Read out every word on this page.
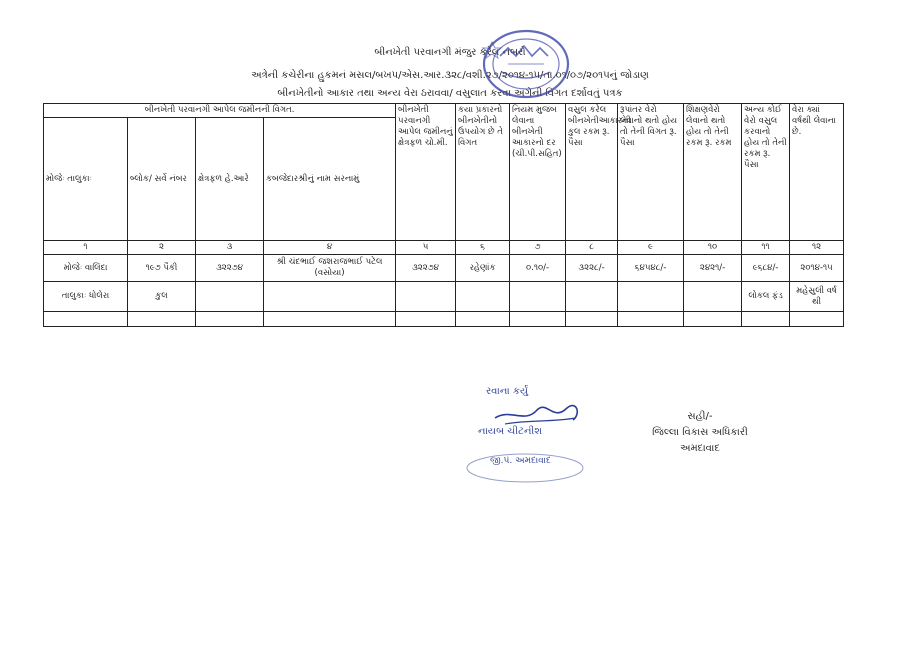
બીનખેતી પરવાનગી મંજુર કરેલ નંબરો
અત્રેની કચેરીના હુકમનં મસલ/બખપ/એસ.આર.૩૨૮/વશી.૨૭/૨૦૧૪-૧૫/તા.૦૧/૦૭/૨૦૧૫નું જોડાણ
બીનખેતીનો આકાર તથા અન્ય વેરા ઠરાવવા/ વસુલાત કરવા અંગેની વિગત દર્શાવતું પત્રક
બીનખેતી પરવાનગી આપેલ જમીનની વિગત.				બીનખેતી પરવાનગી આપેલ જમીનનું ક્ષેત્રફળ ચો.મી.	કયા પ્રકારનો બીનખેતીનો ઉપયોગ છે તે વિગત	નિયમ મુજબ લેવાના બીનખેતી આકારનો દર (ચી.પી.સહિત)	વસુલ કરેલ બીનખેતીઆકારની કુલ રકમ રૂ. પૈસા	રૂપાંતર વેરો લેવાનો થતો હોય તો તેની વિગત રૂ. પૈસા	શિક્ષણવેરો લેવાનો થતો હોય તો તેની રકમ રૂ. રકમ	અન્ય કોઈ વેરો વસુલ કરવાનો હોય તો તેની રકમ રૂ. પૈસા	વેરા ક્યાં વર્ષથી લેવાના છે.
મોજેઃ તાલુકાઃ	બ્લોક/ સર્વે નંબર	ક્ષેત્રફળ હે.આરે	કબજેદારશ્રીનું નામ સરનામું								
૧	૨	૩	૪	૫	૬	૭	૮	૯	૧૦	૧૧	૧૨
મોજેઃ વાલિંદા	૧૯૭ પૈકી	૩૨૨૭૪	શ્રી ચંદભાઈ જશરાજભાઈ પટેલ (વસોયા)	૩૨૨૭૪	રહેણાંક	૦.૧૦/-	૩૨૨૮/-	૬૪૫૪૮/-	૨૪૨૧/-	૯૬૮૪/-	૨૦૧૪-૧૫
તાલુકાઃ ધોલેરા	કુલ									લોકલ ફંડ	મહેસુલી વર્ષ થી

રવાના કર્યું
નાયબ ચીટનીશ
જી.પં. અમદાવાદ
સહી/-
જિલ્લા વિકાસ અધિકારી
અમદાવાદ
